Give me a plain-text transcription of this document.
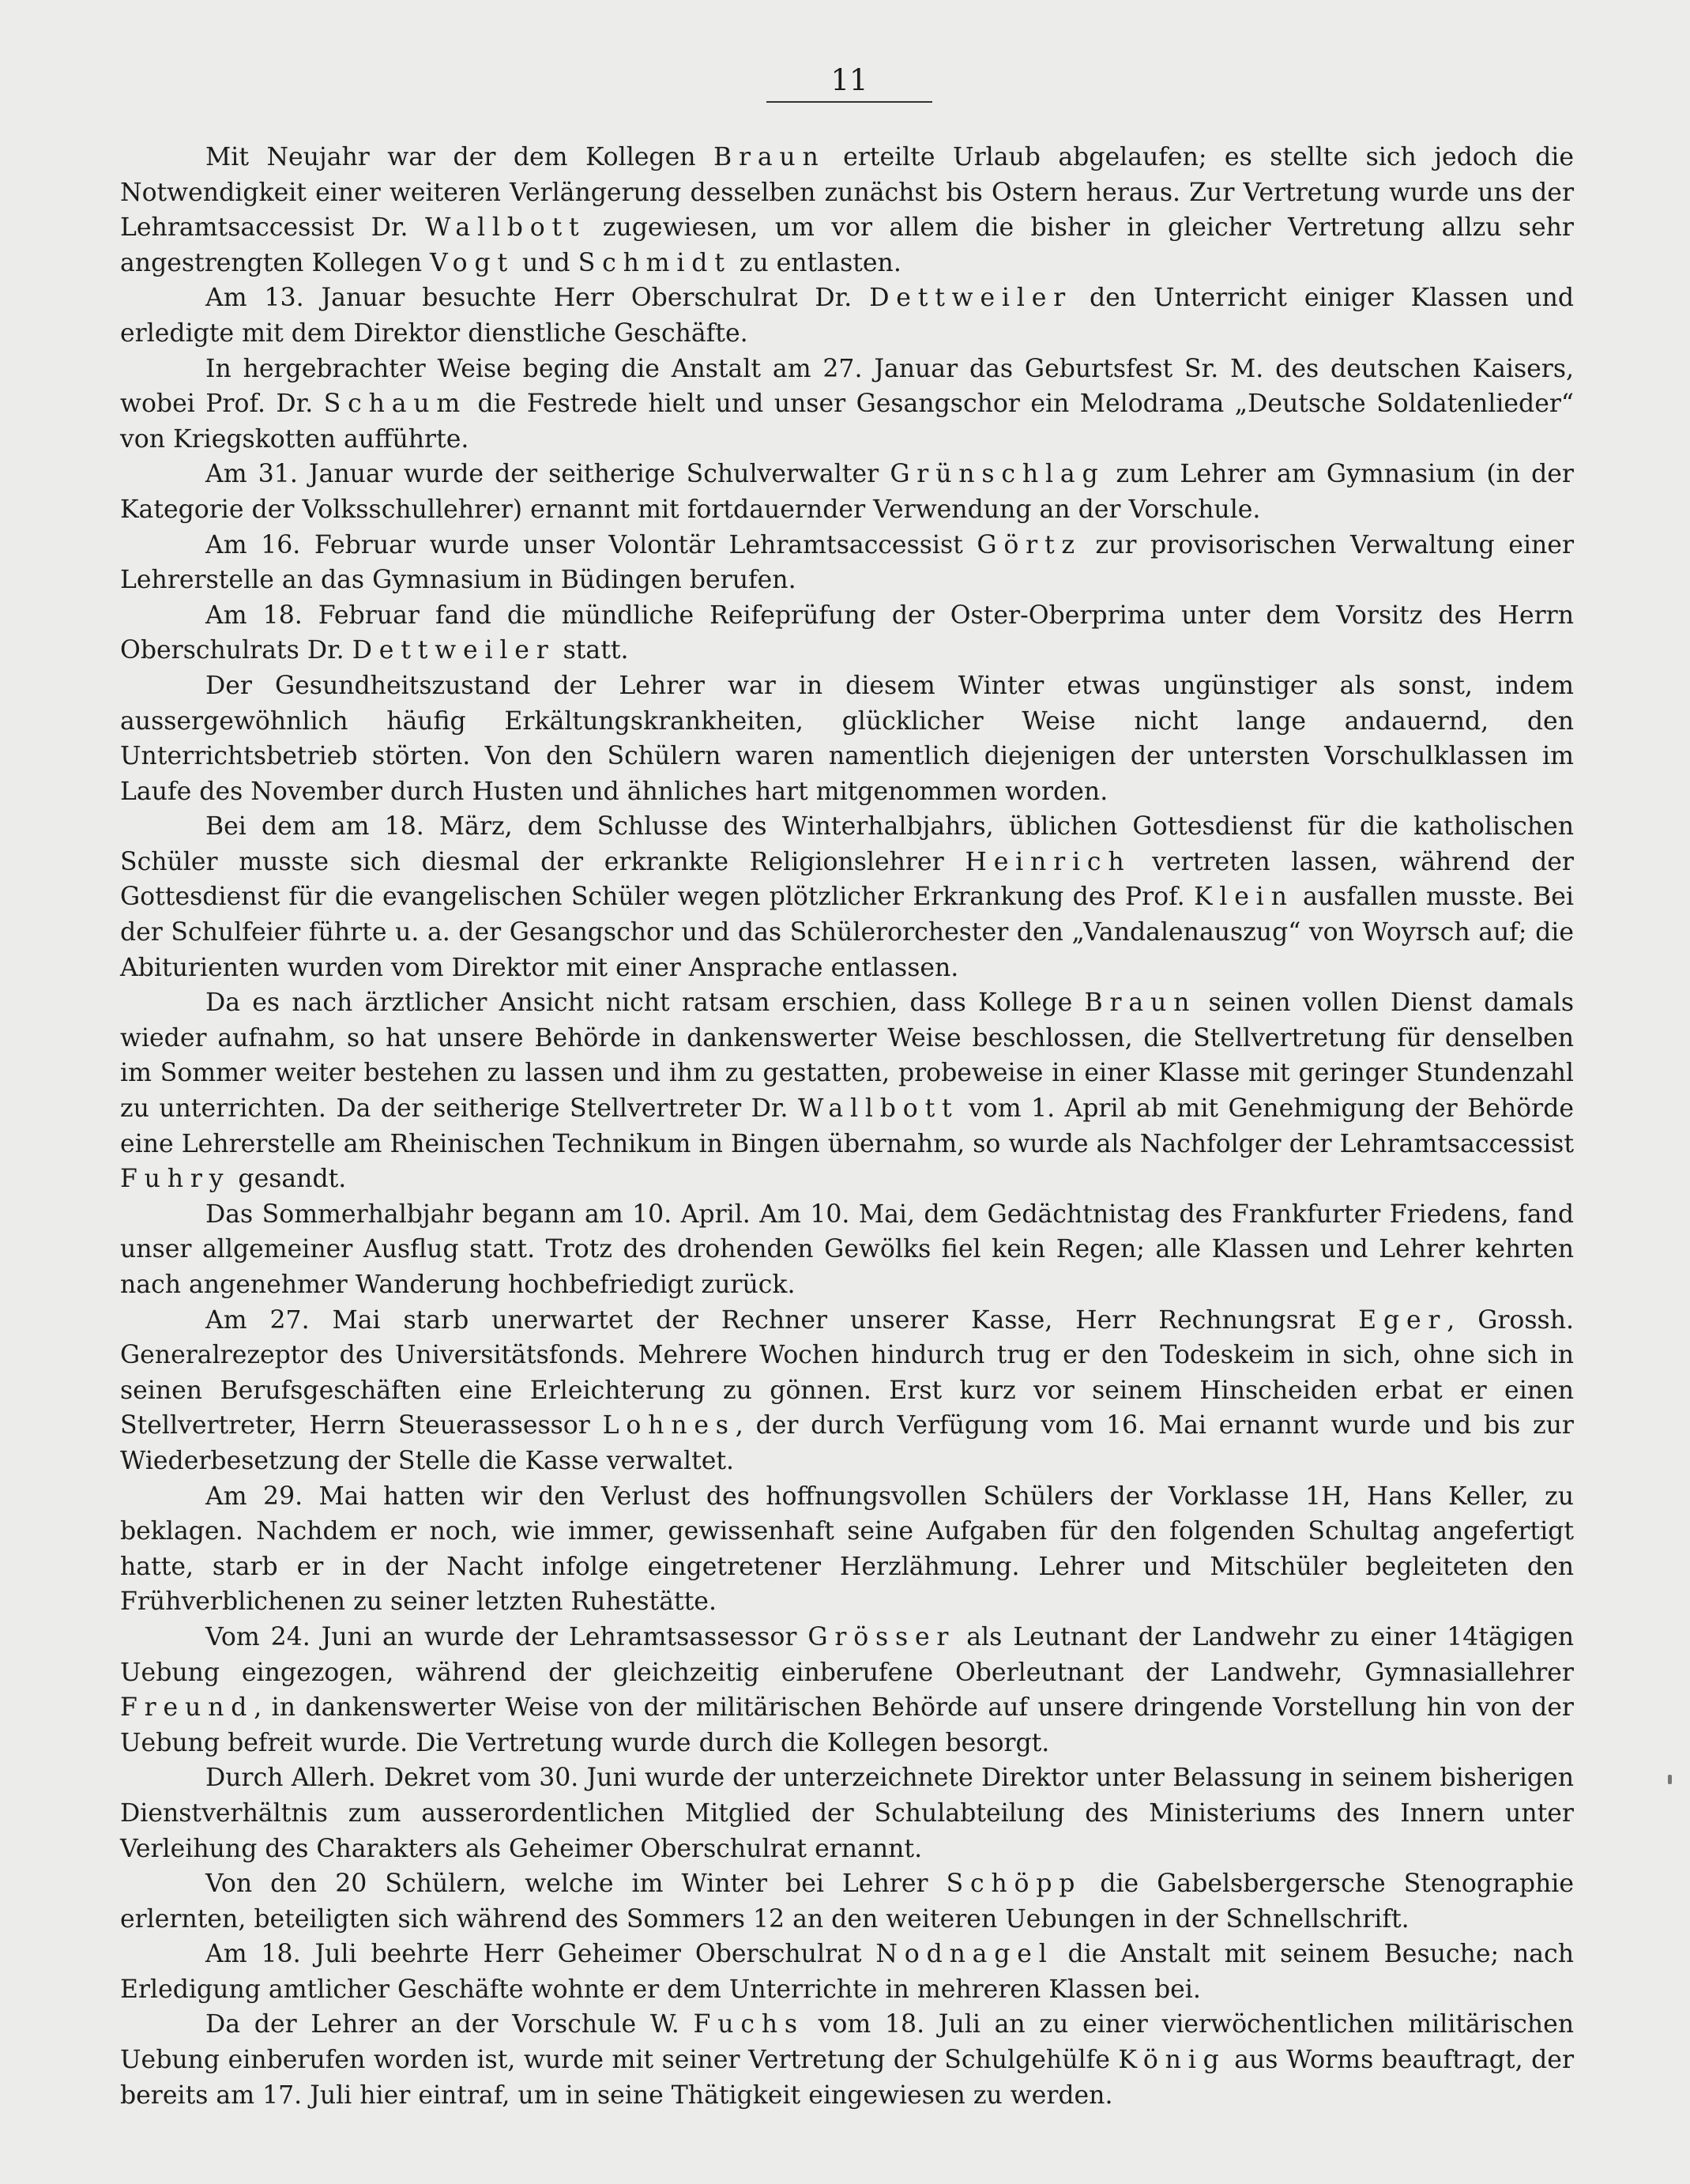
11

Mit Neujahr war der dem Kollegen Braun erteilte Urlaub abgelaufen; es stellte sich jedoch die Notwendigkeit einer weiteren Verlängerung desselben zunächst bis Ostern heraus. Zur Vertretung wurde uns der Lehramtsaccessist Dr. Wallbott zugewiesen, um vor allem die bisher in gleicher Vertretung allzu sehr angestrengten Kollegen Vogt und Schmidt zu entlasten.

Am 13. Januar besuchte Herr Oberschulrat Dr. Dettweiler den Unterricht einiger Klassen und erledigte mit dem Direktor dienstliche Geschäfte.

In hergebrachter Weise beging die Anstalt am 27. Januar das Geburtsfest Sr. M. des deutschen Kaisers, wobei Prof. Dr. Schaum die Festrede hielt und unser Gesangschor ein Melodrama „Deutsche Soldatenlieder“ von Kriegskotten aufführte.

Am 31. Januar wurde der seitherige Schulverwalter Grünschlag zum Lehrer am Gymnasium (in der Kategorie der Volksschullehrer) ernannt mit fortdauernder Verwendung an der Vorschule.

Am 16. Februar wurde unser Volontär Lehramtsaccessist Görtz zur provisorischen Verwaltung einer Lehrerstelle an das Gymnasium in Büdingen berufen.

Am 18. Februar fand die mündliche Reifeprüfung der Oster-Oberprima unter dem Vorsitz des Herrn Oberschulrats Dr. Dettweiler statt.

Der Gesundheitszustand der Lehrer war in diesem Winter etwas ungünstiger als sonst, indem aussergewöhnlich häufig Erkältungskrankheiten, glücklicher Weise nicht lange andauernd, den Unterrichtsbetrieb störten. Von den Schülern waren namentlich diejenigen der untersten Vorschulklassen im Laufe des November durch Husten und ähnliches hart mitgenommen worden.

Bei dem am 18. März, dem Schlusse des Winterhalbjahrs, üblichen Gottesdienst für die katholischen Schüler musste sich diesmal der erkrankte Religionslehrer Heinrich vertreten lassen, während der Gottesdienst für die evangelischen Schüler wegen plötzlicher Erkrankung des Prof. Klein ausfallen musste. Bei der Schulfeier führte u. a. der Gesangschor und das Schülerorchester den „Vandalenauszug“ von Woyrsch auf; die Abiturienten wurden vom Direktor mit einer Ansprache entlassen.

Da es nach ärztlicher Ansicht nicht ratsam erschien, dass Kollege Braun seinen vollen Dienst damals wieder aufnahm, so hat unsere Behörde in dankenswerter Weise beschlossen, die Stellvertretung für denselben im Sommer weiter bestehen zu lassen und ihm zu gestatten, probeweise in einer Klasse mit geringer Stundenzahl zu unterrichten. Da der seitherige Stellvertreter Dr. Wallbott vom 1. April ab mit Genehmigung der Behörde eine Lehrerstelle am Rheinischen Technikum in Bingen übernahm, so wurde als Nachfolger der Lehramtsaccessist Fuhry gesandt.

Das Sommerhalbjahr begann am 10. April. Am 10. Mai, dem Gedächtnistag des Frankfurter Friedens, fand unser allgemeiner Ausflug statt. Trotz des drohenden Gewölks fiel kein Regen; alle Klassen und Lehrer kehrten nach angenehmer Wanderung hochbefriedigt zurück.

Am 27. Mai starb unerwartet der Rechner unserer Kasse, Herr Rechnungsrat Eger, Grossh. Generalrezeptor des Universitätsfonds. Mehrere Wochen hindurch trug er den Todeskeim in sich, ohne sich in seinen Berufsgeschäften eine Erleichterung zu gönnen. Erst kurz vor seinem Hinscheiden erbat er einen Stellvertreter, Herrn Steuerassessor Lohnes, der durch Verfügung vom 16. Mai ernannt wurde und bis zur Wiederbesetzung der Stelle die Kasse verwaltet.

Am 29. Mai hatten wir den Verlust des hoffnungsvollen Schülers der Vorklasse 1H, Hans Keller, zu beklagen. Nachdem er noch, wie immer, gewissenhaft seine Aufgaben für den folgenden Schultag angefertigt hatte, starb er in der Nacht infolge eingetretener Herzlähmung. Lehrer und Mitschüler begleiteten den Frühverblichenen zu seiner letzten Ruhestätte.

Vom 24. Juni an wurde der Lehramtsassessor Grösser als Leutnant der Landwehr zu einer 14tägigen Uebung eingezogen, während der gleichzeitig einberufene Oberleutnant der Landwehr, Gymnasiallehrer Freund, in dankenswerter Weise von der militärischen Behörde auf unsere dringende Vorstellung hin von der Uebung befreit wurde. Die Vertretung wurde durch die Kollegen besorgt.

Durch Allerh. Dekret vom 30. Juni wurde der unterzeichnete Direktor unter Belassung in seinem bisherigen Dienstverhältnis zum ausserordentlichen Mitglied der Schulabteilung des Ministeriums des Innern unter Verleihung des Charakters als Geheimer Oberschulrat ernannt.

Von den 20 Schülern, welche im Winter bei Lehrer Schöpp die Gabelsbergersche Stenographie erlernten, beteiligten sich während des Sommers 12 an den weiteren Uebungen in der Schnellschrift.

Am 18. Juli beehrte Herr Geheimer Oberschulrat Nodnagel die Anstalt mit seinem Besuche; nach Erledigung amtlicher Geschäfte wohnte er dem Unterrichte in mehreren Klassen bei.

Da der Lehrer an der Vorschule W. Fuchs vom 18. Juli an zu einer vierwöchentlichen militärischen Uebung einberufen worden ist, wurde mit seiner Vertretung der Schulgehülfe König aus Worms beauftragt, der bereits am 17. Juli hier eintraf, um in seine Thätigkeit eingewiesen zu werden.
